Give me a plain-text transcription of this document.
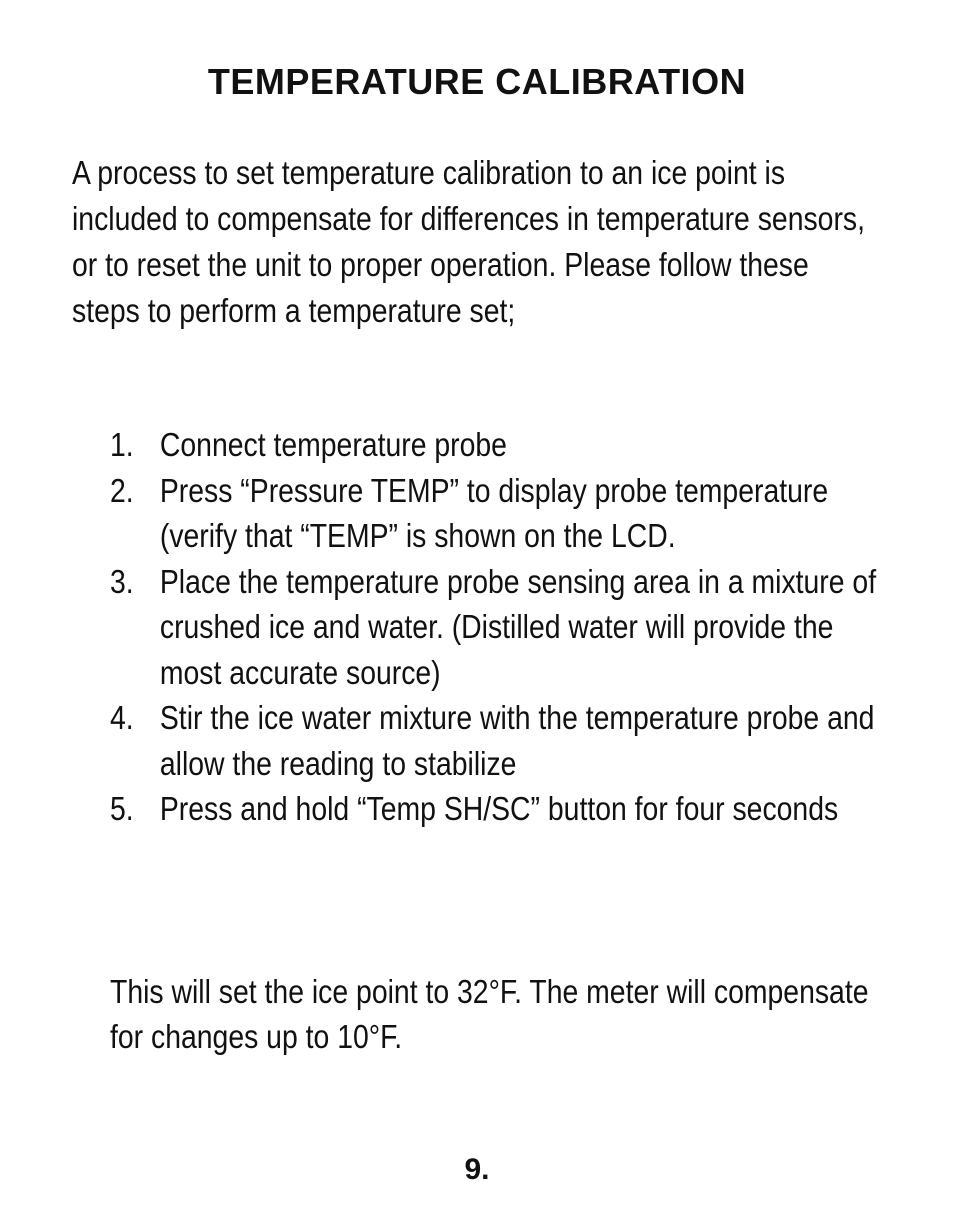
TEMPERATURE CALIBRATION
A process to set temperature calibration to an ice point is included to compensate for differences in temperature sensors, or to reset the unit to proper operation. Please follow these steps to perform a temperature set;
1. Connect temperature probe
2. Press “Pressure TEMP” to display probe temperature (verify that “TEMP” is shown on the LCD.
3. Place the temperature probe sensing area in a mixture of crushed ice and water. (Distilled water will provide the most accurate source)
4. Stir the ice water mixture with the temperature probe and allow the reading to stabilize
5. Press and hold “Temp SH/SC” button for four seconds
This will set the ice point to 32°F. The meter will compensate for changes up to 10°F.
9.
